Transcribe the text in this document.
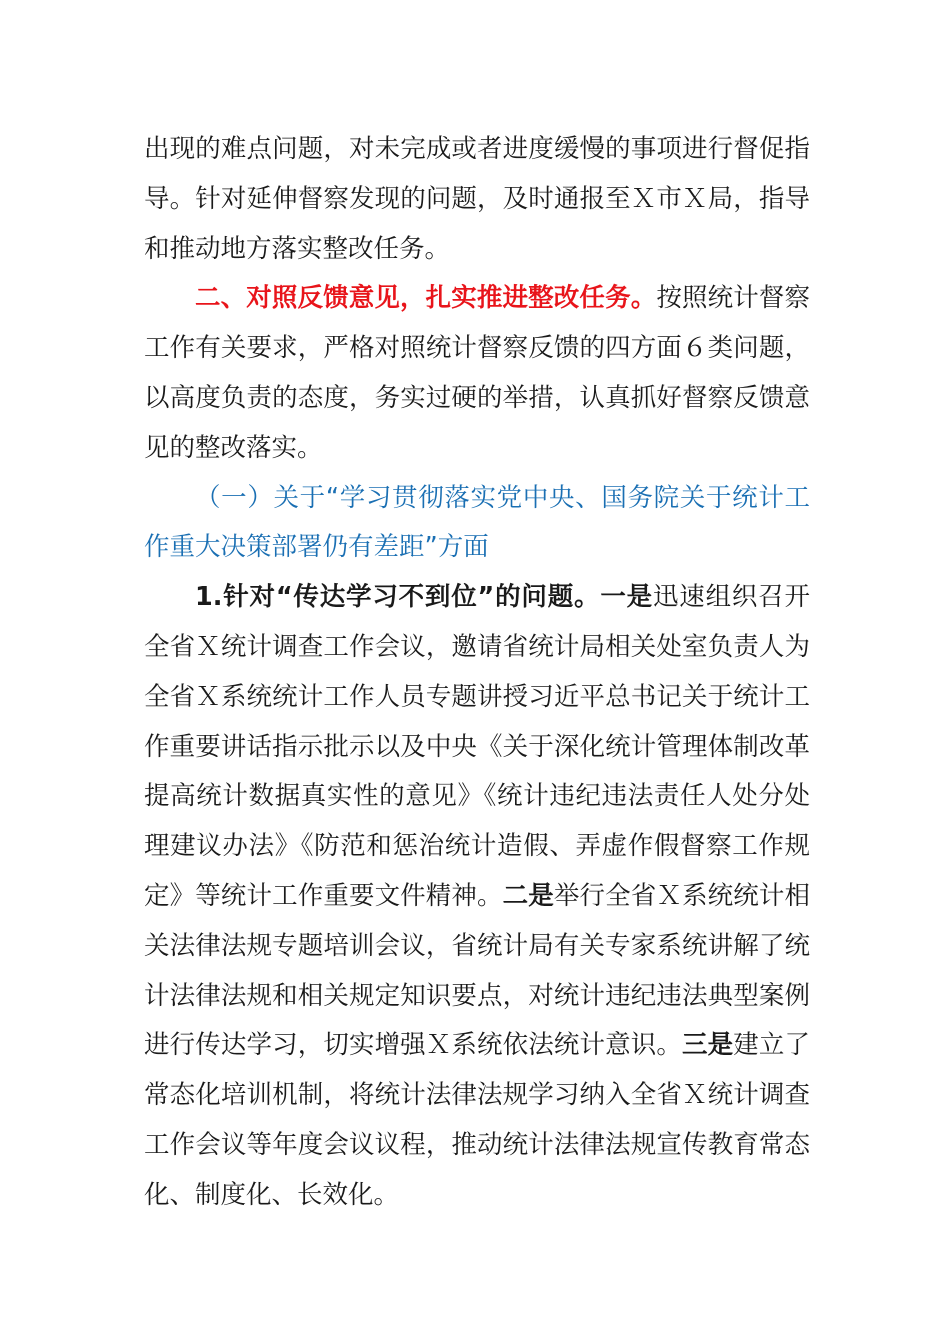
出现的难点问题，对未完成或者进度缓慢的事项进行督促指导。针对延伸督察发现的问题，及时通报至Ｘ市Ｘ局，指导和推动地方落实整改任务。

二、对照反馈意见，扎实推进整改任务。按照统计督察工作有关要求，严格对照统计督察反馈的四方面６类问题，以高度负责的态度，务实过硬的举措，认真抓好督察反馈意见的整改落实。

（一）关于“学习贯彻落实党中央、国务院关于统计工作重大决策部署仍有差距”方面

1.针对“传达学习不到位”的问题。一是迅速组织召开全省Ｘ统计调查工作会议，邀请省统计局相关处室负责人为全省Ｘ系统统计工作人员专题讲授习近平总书记关于统计工作重要讲话指示批示以及中央《关于深化统计管理体制改革提高统计数据真实性的意见》《统计违纪违法责任人处分处理建议办法》《防范和惩治统计造假、弄虚作假督察工作规定》等统计工作重要文件精神。二是举行全省Ｘ系统统计相关法律法规专题培训会议，省统计局有关专家系统讲解了统计法律法规和相关规定知识要点，对统计违纪违法典型案例进行传达学习，切实增强Ｘ系统依法统计意识。三是建立了常态化培训机制，将统计法律法规学习纳入全省Ｘ统计调查工作会议等年度会议议程，推动统计法律法规宣传教育常态化、制度化、长效化。
